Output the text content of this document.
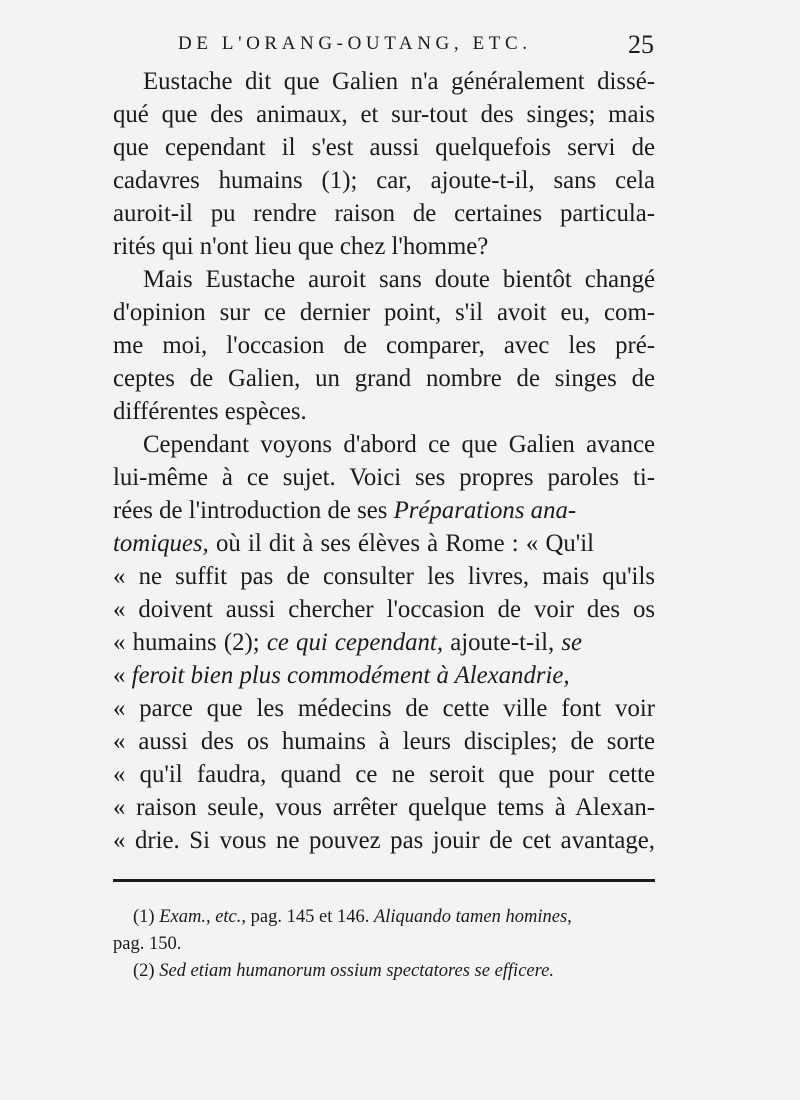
DE L'ORANG-OUTANG, ETC.	25
Eustache dit que Galien n'a généralement dissé-
qué que des animaux, et sur-tout des singes; mais
que cependant il s'est aussi quelquefois servi de
cadavres humains (1); car, ajoute-t-il, sans cela
auroit-il pu rendre raison de certaines particula-
rités qui n'ont lieu que chez l'homme?
Mais Eustache auroit sans doute bientôt changé
d'opinion sur ce dernier point, s'il avoit eu, com-
me moi, l'occasion de comparer, avec les pré-
ceptes de Galien, un grand nombre de singes de
différentes espèces.
Cependant voyons d'abord ce que Galien avance
lui-même à ce sujet. Voici ses propres paroles ti-
rées de l'introduction de ses Préparations ana-
tomiques, où il dit à ses élèves à Rome : « Qu'il
« ne suffit pas de consulter les livres, mais qu'ils
« doivent aussi chercher l'occasion de voir des os
« humains (2); ce qui cependant, ajoute-t-il, se
« feroit bien plus commodément à Alexandrie,
« parce que les médecins de cette ville font voir
« aussi des os humains à leurs disciples; de sorte
« qu'il faudra, quand ce ne seroit que pour cette
« raison seule, vous arrêter quelque tems à Alexan-
« drie. Si vous ne pouvez pas jouir de cet avantage,
(1) Exam., etc., pag. 145 et 146. Aliquando tamen homines,
pag. 150.
(2) Sed etiam humanorum ossium spectatores se efficere.
